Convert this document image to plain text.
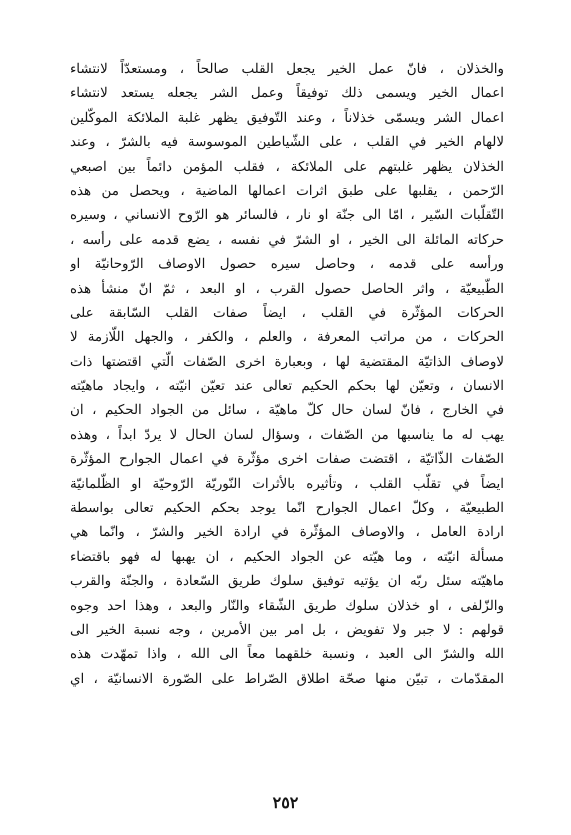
والخذلان ، فانّ عمل الخير يجعل القلب صالحاً ، ومستعدّاً لانتشاء
اعمال الخير ويسمى ذلك توفيقاً وعمل الشر يجعله يستعد لانتشاء
اعمال الشر ويسمّى خذلاناً ، وعند التّوفيق يظهر غلبة الملائكة الموكّلين
لالهام الخير في القلب ، على الشّياطين الموسوسة فيه بالشرّ ، وعند
الخذلان يظهر غلبتهم على الملائكة ، فقلب المؤمن دائماً بين اصبعي
الرّحمن ، يقلبها على طبق اثرات اعمالها الماضية ، ويحصل من هذه
التّقلّبات السّير ، امّا الى جنّة او نار ، فالسائر هو الرّوح الانساني ، وسيره
حركاته المائلة الى الخير ، او الشرّ في نفسه ، يضع قدمه على رأسه ،
ورأسه على قدمه ، وحاصل سيره حصول الاوصاف الرّوحانيّة او
الطّبيعيّة ، واثر الحاصل حصول القرب ، او البعد ، ثمّ انّ منشأ هذه
الحركات المؤثّرة في القلب ، ايضاً صفات القلب السّابقة على
الحركات ، من مراتب المعرفة ، والعلم ، والكفر ، والجهل اللّازمة لا
لاوصاف الذاتيّة المقتضية لها ، وبعبارة اخرى الصّفات الّتي اقتضتها ذات
الانسان ، وتعيّن لها بحكم الحكيم تعالى عند تعيّن انيّته ، وايجاد ماهيّته
في الخارج ، فانّ لسان حال كلّ ماهيّة ، سائل من الجواد الحكيم ، ان
يهب له ما يناسبها من الصّفات ، وسؤال لسان الحال لا يردّ ابداً ، وهذه
الصّفات الذّاتيّة ، اقتضت صفات اخرى مؤثّرة في اعمال الجوارح المؤثّرة
ايضاً في تقلّب القلب ، وتأثيره بالأثرات النّوريّة الرّوحيّة او الظّلمانيّة
الطبيعيّة ، وكلّ اعمال الجوارح انّما يوجد بحكم الحكيم تعالى بواسطة
ارادة العامل ، والاوصاف المؤثّرة في ارادة الخير والشرّ ، وانّما هي
مسألة انيّته ، وما هيّته عن الجواد الحكيم ، ان يهبها له فهو باقتضاء
ماهيّته سئل ربّه ان يؤتيه توفيق سلوك طريق السّعادة ، والجنّة والقرب
والزّلفى ، او خذلان سلوك طريق الشّقاء والنّار والبعد ، وهذا احد وجوه
قولهم : لا جبر ولا تفويض ، بل امر بين الأمرين ، وجه نسبة الخير الى
الله والشرّ الى العبد ، ونسبة خلقهما معاً الى الله ، واذا تمهّدت هذه
المقدّمات ، تبيّن منها صحّة اطلاق الصّراط على الصّورة الانسانيّة ، اي
٢٥٢
